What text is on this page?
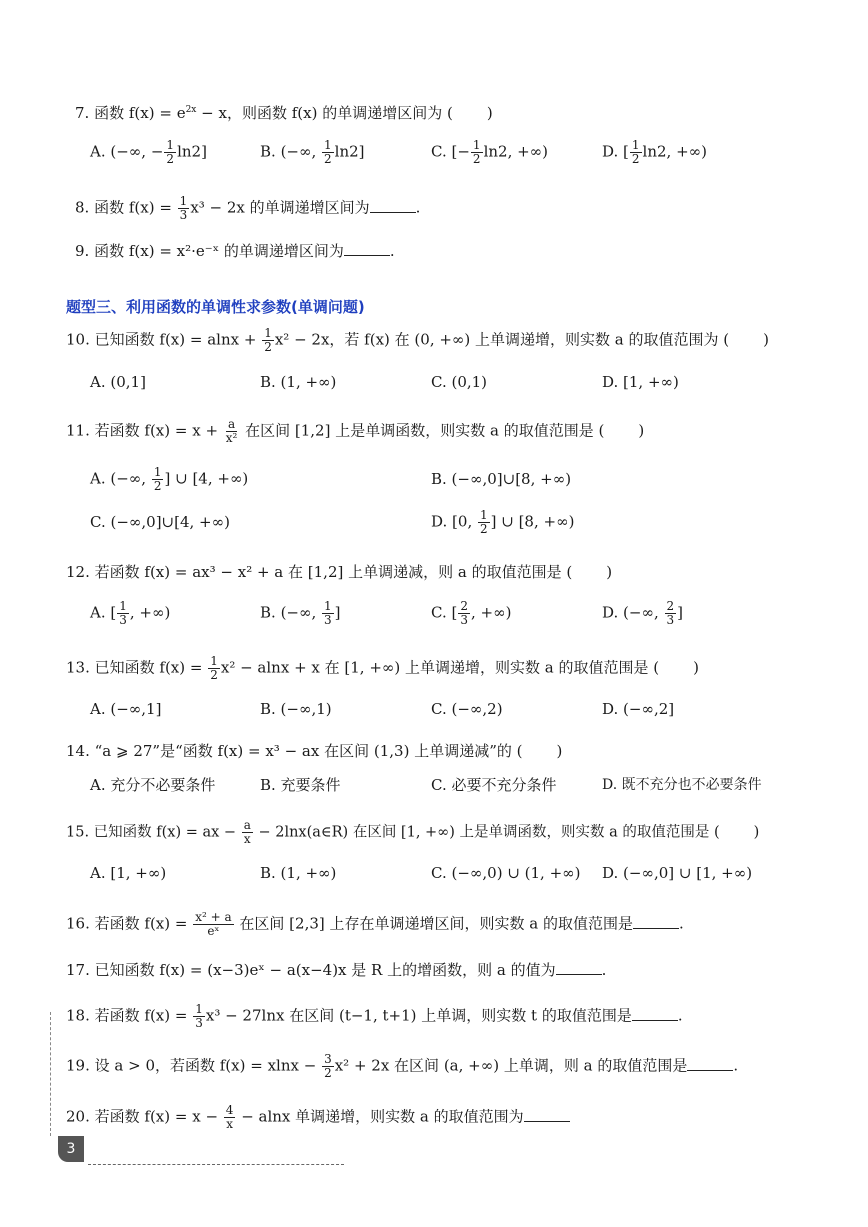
7. 函数 $f(x) = e^{2x} - x$，则函数 f(x) 的单调递增区间为 ( )
A. (−∞, − $\frac{1}{2} \ln 2$]	B. (−∞, $\frac{1}{2} \ln 2$]	C. [− $\frac{1}{2} \ln 2$, +∞)	D. [ $\frac{1}{2} \ln 2$, +∞)
8. 函数 $f(x) = \frac{1}{3} x^3 - 2x$ 的单调递增区间为	.
9. 函数 f(x) = x²·e⁻ˣ 的单调递增区间为	.
题型三、利用函数的单调性求参数(单调问题)
10. 已知函数 $f(x) = alnx + \frac{1}{2} x^2 - 2x$，若 f(x) 在 (0, +∞) 上单调递增，则实数 a 的取值范围为 ( )
A. (0,1]	B. (1, +∞)	C. (0,1)	D. [1, +∞)
11. 若函数 $f(x) = x + \frac{a}{\text{x²}}$ 在区间 [1,2] 上是单调函数，则实数 a 的取值范围是 ( )
A. (−∞, $\frac{1}{2}$ ] ∪ [4, +∞)	B. (−∞,0]∪[8, +∞)
C. (−∞,0]∪[4, +∞)	D. [0, $\frac{1}{2}$ ] ∪ [8, +∞)
12. 若函数 f(x) = ax³ − x² + a 在 [1,2] 上单调递减，则 a 的取值范围是 ( )
A. [ $\frac{1}{3}$ , +∞)	B. (−∞, $\frac{1}{3}$ ]	C. [ $\frac{2}{3}$ , +∞)	D. (−∞, $\frac{2}{3}$ ]
13. 已知函数 $f(x) = \frac{1}{2} x^2 - alnx + x$ 在 [1, +∞) 上单调递增，则实数 a 的取值范围是 ( )
A. (−∞,1]	B. (−∞,1)	C. (−∞,2)	D. (−∞,2]
14. “a ⩾ 27”是“函数 f(x) = x³ − ax 在区间 (1,3) 上单调递减”的 ( )
A. 充分不必要条件	B. 充要条件	C. 必要不充分条件	D. 既不充分也不必要条件
15. 已知函数 f(x) = ax − $\frac{a}{x}$ − 2lnx(a∈R) 在区间 [1, +∞) 上是单调函数，则实数 a 的取值范围是 ( )
A. [1, +∞)	B. (1, +∞)	C. (−∞,0) ∪ (1, +∞) D. (−∞,0] ∪ [1, +∞)
16. 若函数 $f(x) = \frac{\text{x² + a}}{\text{eˣ}}$ 在区间 [2,3] 上存在单调递增区间，则实数 a 的取值范围是	.
17. 已知函数 f(x) = (x−3)eˣ − a(x−4)x 是 R 上的增函数，则 a 的值为	.
18. 若函数 $f(x) = \frac{1}{3} x^3 - 27\ln x$ 在区间 (t−1, t+1) 上单调，则实数 t 的取值范围是	.
19. 设 a > 0，若函数 $f(x) = xlnx - \frac{3}{2} x^2 + 2x$ 在区间 (a, +∞) 上单调，则 a 的取值范围是	.
20. 若函数 $f(x) = x - \frac{4}{x} - alnx$ 单调递增，则实数 a 的取值范围为
3
